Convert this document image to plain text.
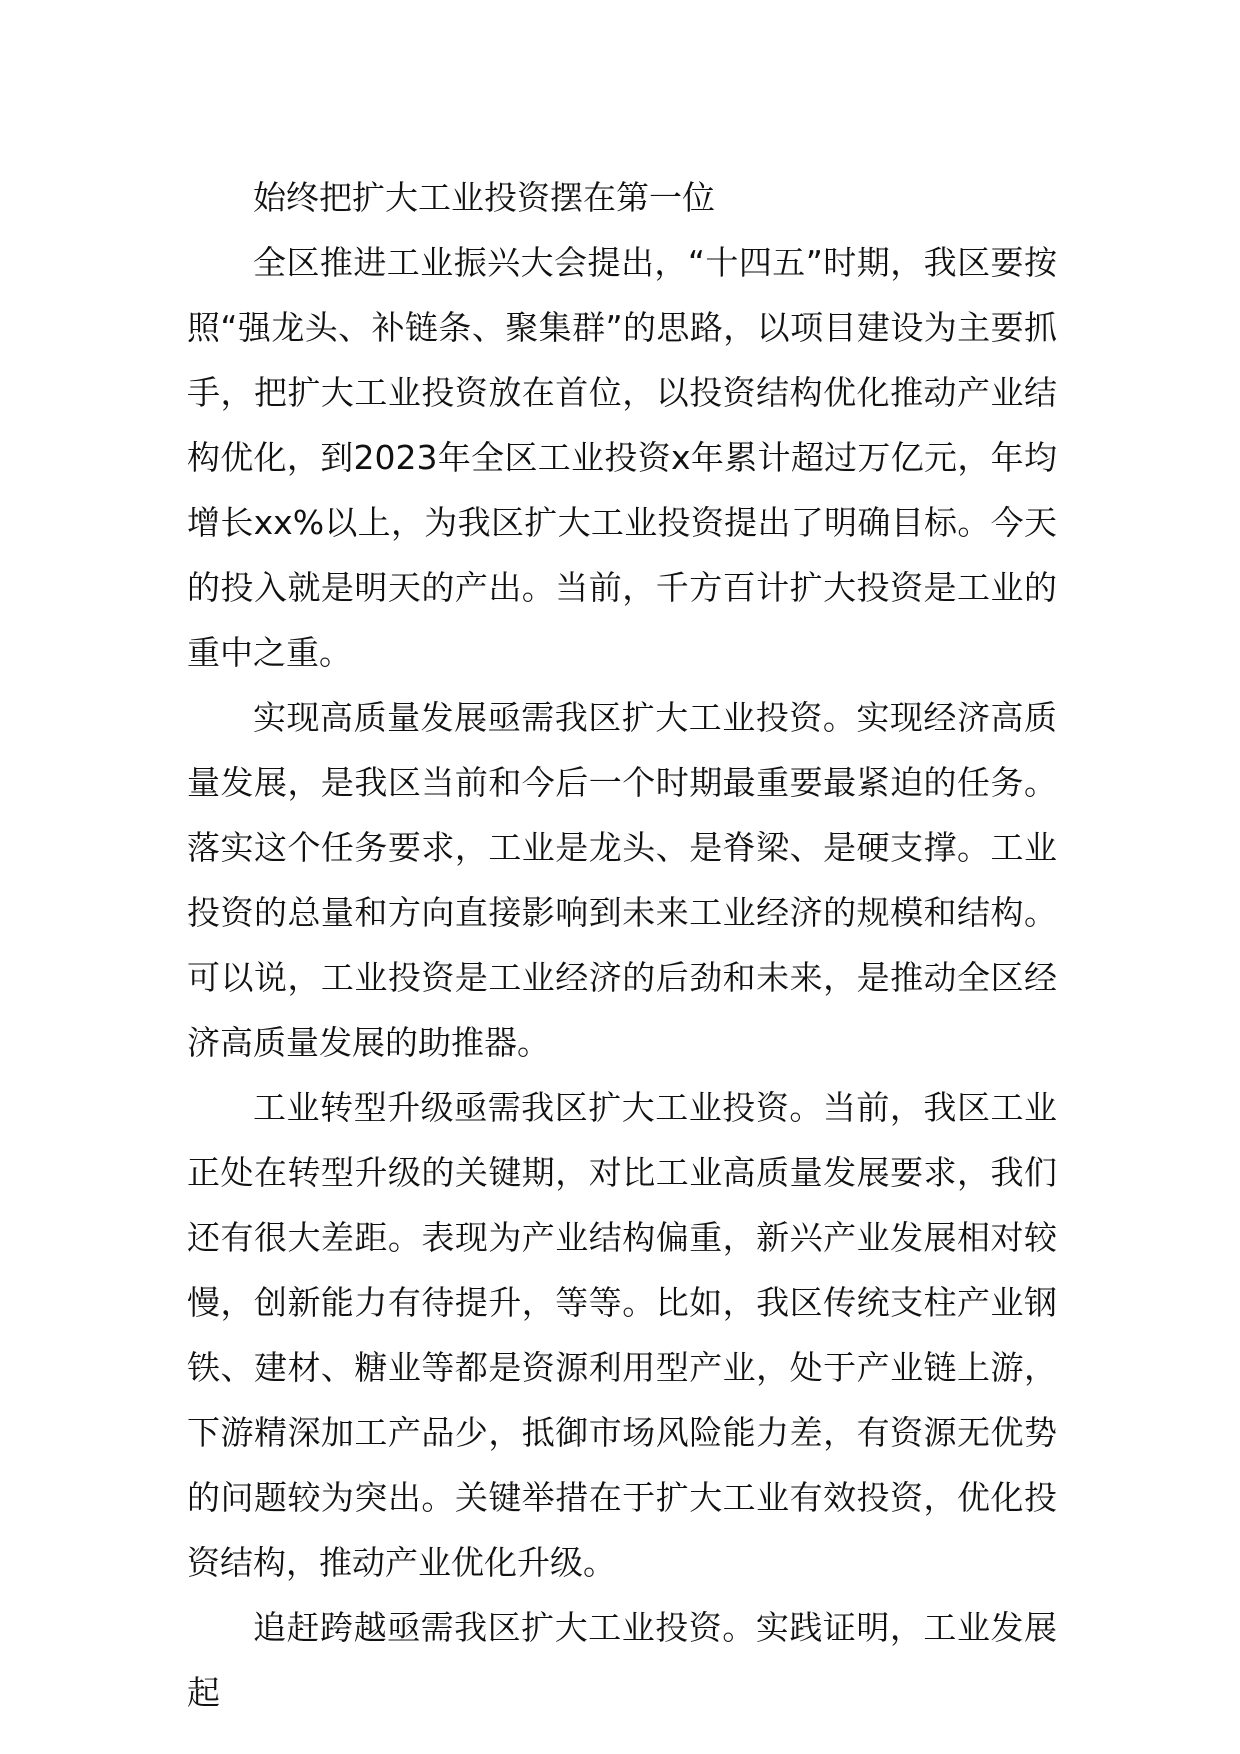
始终把扩大工业投资摆在第一位

全区推进工业振兴大会提出，“十四五”时期，我区要按照“强龙头、补链条、聚集群”的思路，以项目建设为主要抓手，把扩大工业投资放在首位，以投资结构优化推动产业结构优化，到2023年全区工业投资x年累计超过万亿元，年均增长xx%以上，为我区扩大工业投资提出了明确目标。今天的投入就是明天的产出。当前，千方百计扩大投资是工业的重中之重。

实现高质量发展亟需我区扩大工业投资。实现经济高质量发展，是我区当前和今后一个时期最重要最紧迫的任务。落实这个任务要求，工业是龙头、是脊梁、是硬支撑。工业投资的总量和方向直接影响到未来工业经济的规模和结构。可以说，工业投资是工业经济的后劲和未来，是推动全区经济高质量发展的助推器。

工业转型升级亟需我区扩大工业投资。当前，我区工业正处在转型升级的关键期，对比工业高质量发展要求，我们还有很大差距。表现为产业结构偏重，新兴产业发展相对较慢，创新能力有待提升，等等。比如，我区传统支柱产业钢铁、建材、糖业等都是资源利用型产业，处于产业链上游，下游精深加工产品少，抵御市场风险能力差，有资源无优势的问题较为突出。关键举措在于扩大工业有效投资，优化投资结构，推动产业优化升级。

追赶跨越亟需我区扩大工业投资。实践证明，工业发展起
